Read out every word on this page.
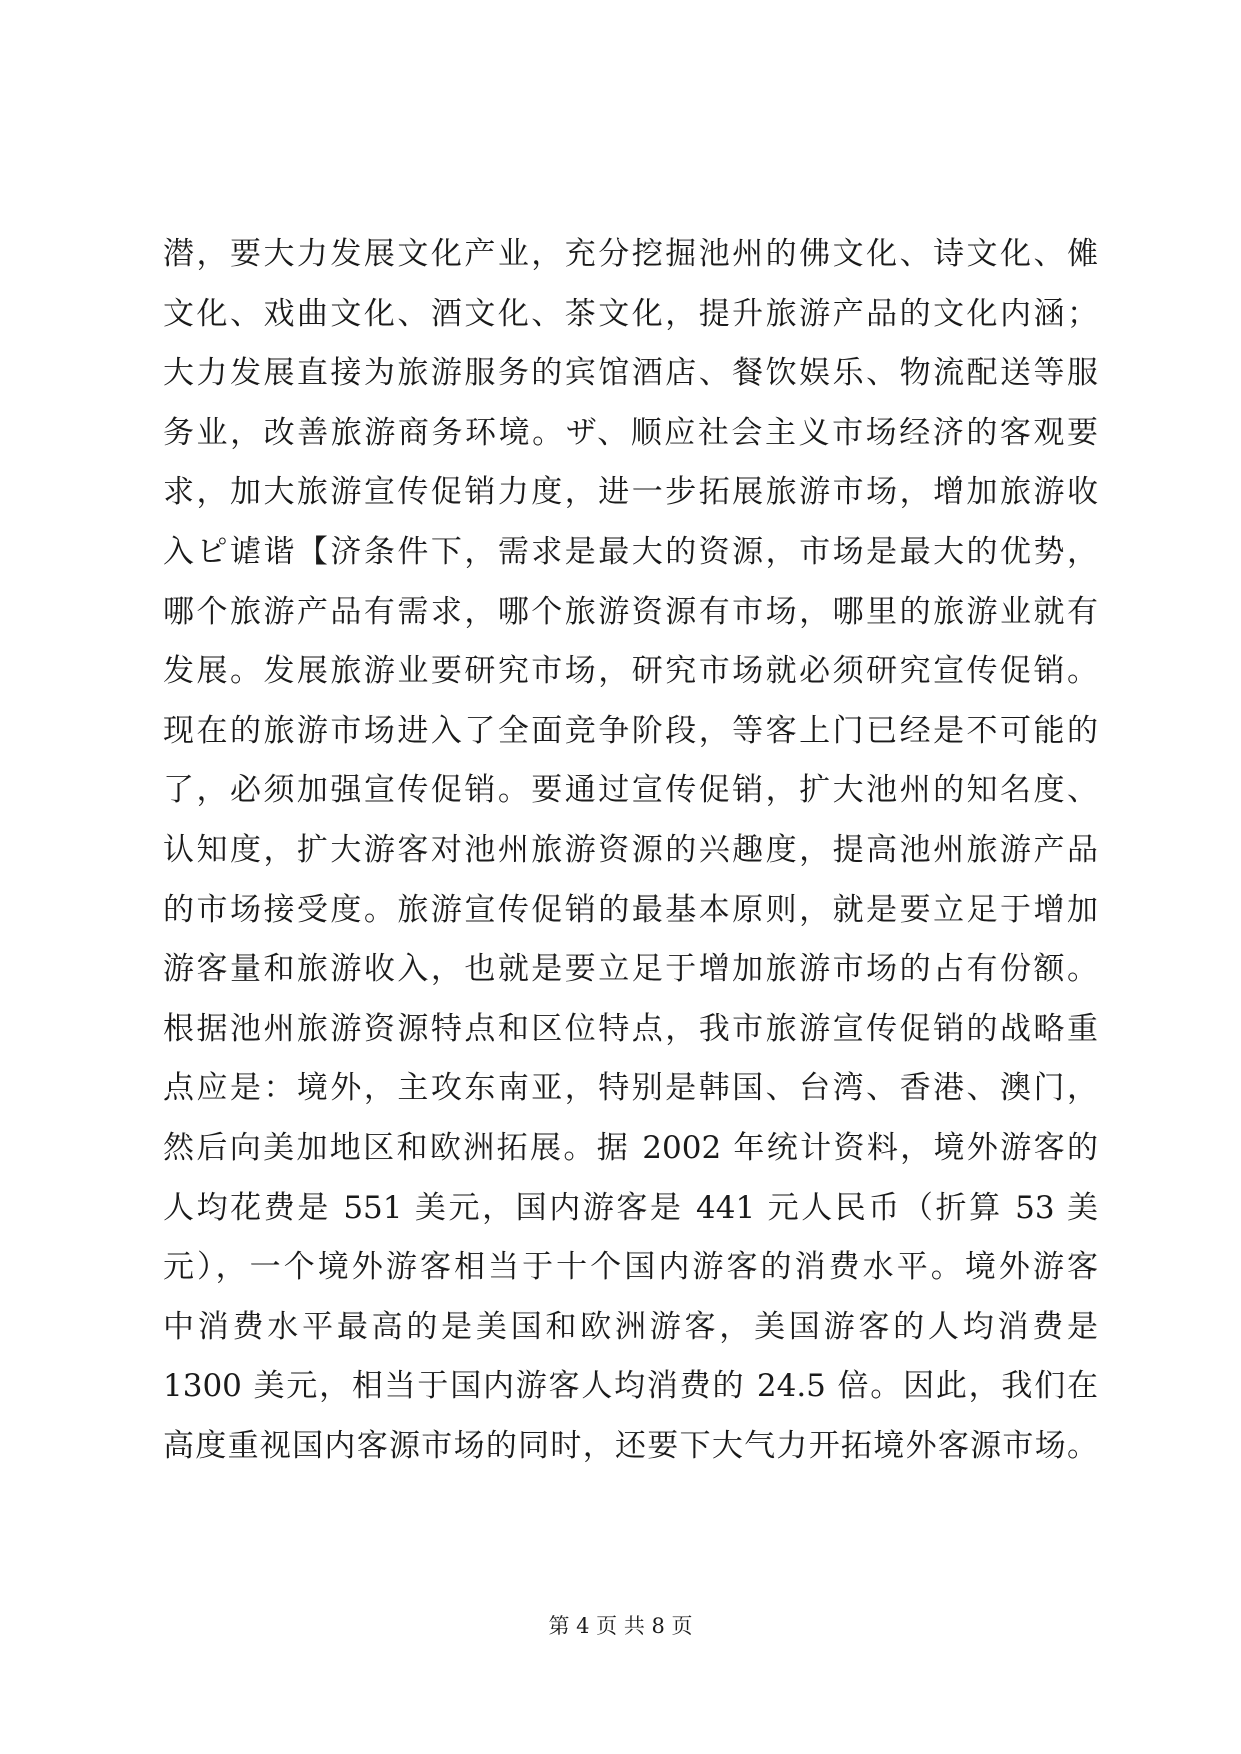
潜，要大力发展文化产业，充分挖掘池州的佛文化、诗文化、傩
文化、戏曲文化、酒文化、茶文化，提升旅游产品的文化内涵；
大力发展直接为旅游服务的宾馆酒店、餐饮娱乐、物流配送等服
务业，改善旅游商务环境。ザ、顺应社会主义市场经济的客观要
求，加大旅游宣传促销力度，进一步拓展旅游市场，增加旅游收
入ピ谑谐【济条件下，需求是最大的资源，市场是最大的优势，
哪个旅游产品有需求，哪个旅游资源有市场，哪里的旅游业就有
发展。发展旅游业要研究市场，研究市场就必须研究宣传促销。
现在的旅游市场进入了全面竞争阶段，等客上门已经是不可能的
了，必须加强宣传促销。要通过宣传促销，扩大池州的知名度、
认知度，扩大游客对池州旅游资源的兴趣度，提高池州旅游产品
的市场接受度。旅游宣传促销的最基本原则，就是要立足于增加
游客量和旅游收入，也就是要立足于增加旅游市场的占有份额。
根据池州旅游资源特点和区位特点，我市旅游宣传促销的战略重
点应是：境外，主攻东南亚，特别是韩国、台湾、香港、澳门，
然后向美加地区和欧洲拓展。据 2002 年统计资料，境外游客的
人均花费是 551 美元，国内游客是 441 元人民币（折算 53 美
元），一个境外游客相当于十个国内游客的消费水平。境外游客
中消费水平最高的是美国和欧洲游客，美国游客的人均消费是
1300 美元，相当于国内游客人均消费的 24.5 倍。因此，我们在
高度重视国内客源市场的同时，还要下大气力开拓境外客源市场。
第 4 页 共 8 页
